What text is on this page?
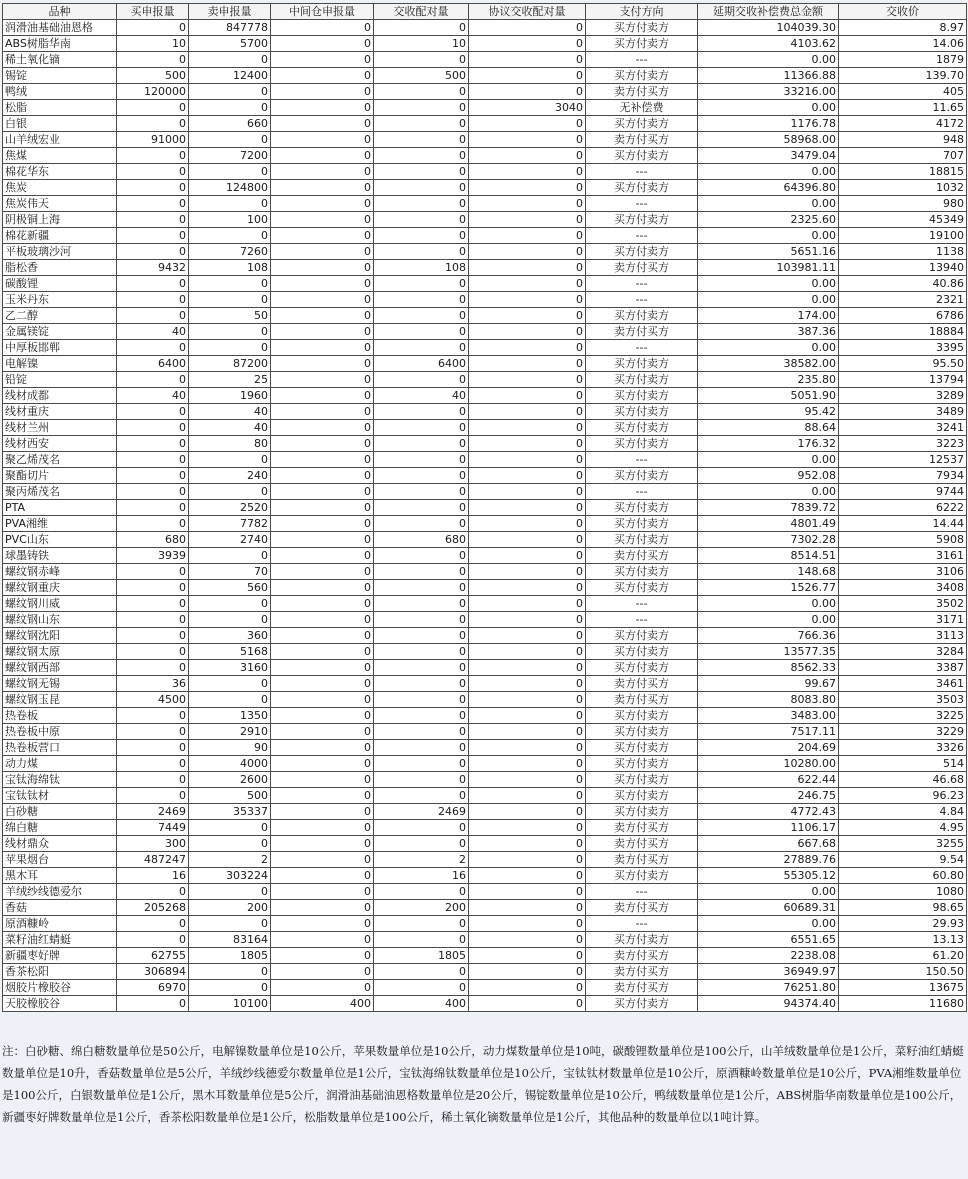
品种	买申报量	卖申报量	中间仓申报量	交收配对量	协议交收配对量	支付方向	延期交收补偿费总金额	交收价
润滑油基础油恩格	0	847778	0	0	0	买方付卖方	104039.30	8.97
ABS树脂华南	10	5700	0	10	0	买方付卖方	4103.62	14.06
稀土氧化镝	0	0	0	0	0	---	0.00	1879
锡锭	500	12400	0	500	0	买方付卖方	11366.88	139.70
鸭绒	120000	0	0	0	0	卖方付买方	33216.00	405
松脂	0	0	0	0	3040	无补偿费	0.00	11.65
白银	0	660	0	0	0	买方付卖方	1176.78	4172
山羊绒宏业	91000	0	0	0	0	卖方付买方	58968.00	948
焦煤	0	7200	0	0	0	买方付卖方	3479.04	707
棉花华东	0	0	0	0	0	---	0.00	18815
焦炭	0	124800	0	0	0	买方付卖方	64396.80	1032
焦炭伟天	0	0	0	0	0	---	0.00	980
阴极铜上海	0	100	0	0	0	买方付卖方	2325.60	45349
棉花新疆	0	0	0	0	0	---	0.00	19100
平板玻璃沙河	0	7260	0	0	0	买方付卖方	5651.16	1138
脂松香	9432	108	0	108	0	卖方付买方	103981.11	13940
碳酸锂	0	0	0	0	0	---	0.00	40.86
玉米丹东	0	0	0	0	0	---	0.00	2321
乙二醇	0	50	0	0	0	买方付卖方	174.00	6786
金属镁锭	40	0	0	0	0	卖方付买方	387.36	18884
中厚板邯郸	0	0	0	0	0	---	0.00	3395
电解镍	6400	87200	0	6400	0	买方付卖方	38582.00	95.50
铅锭	0	25	0	0	0	买方付卖方	235.80	13794
线材成都	40	1960	0	40	0	买方付卖方	5051.90	3289
线材重庆	0	40	0	0	0	买方付卖方	95.42	3489
线材兰州	0	40	0	0	0	买方付卖方	88.64	3241
线材西安	0	80	0	0	0	买方付卖方	176.32	3223
聚乙烯茂名	0	0	0	0	0	---	0.00	12537
聚酯切片	0	240	0	0	0	买方付卖方	952.08	7934
聚丙烯茂名	0	0	0	0	0	---	0.00	9744
PTA	0	2520	0	0	0	买方付卖方	7839.72	6222
PVA湘维	0	7782	0	0	0	买方付卖方	4801.49	14.44
PVC山东	680	2740	0	680	0	买方付卖方	7302.28	5908
球墨铸铁	3939	0	0	0	0	卖方付买方	8514.51	3161
螺纹钢赤峰	0	70	0	0	0	买方付卖方	148.68	3106
螺纹钢重庆	0	560	0	0	0	买方付卖方	1526.77	3408
螺纹钢川威	0	0	0	0	0	---	0.00	3502
螺纹钢山东	0	0	0	0	0	---	0.00	3171
螺纹钢沈阳	0	360	0	0	0	买方付卖方	766.36	3113
螺纹钢太原	0	5168	0	0	0	买方付卖方	13577.35	3284
螺纹钢西部	0	3160	0	0	0	买方付卖方	8562.33	3387
螺纹钢无锡	36	0	0	0	0	卖方付买方	99.67	3461
螺纹钢玉昆	4500	0	0	0	0	卖方付买方	8083.80	3503
热卷板	0	1350	0	0	0	买方付卖方	3483.00	3225
热卷板中原	0	2910	0	0	0	买方付卖方	7517.11	3229
热卷板营口	0	90	0	0	0	买方付卖方	204.69	3326
动力煤	0	4000	0	0	0	买方付卖方	10280.00	514
宝钛海绵钛	0	2600	0	0	0	买方付卖方	622.44	46.68
宝钛钛材	0	500	0	0	0	买方付卖方	246.75	96.23
白砂糖	2469	35337	0	2469	0	买方付卖方	4772.43	4.84
绵白糖	7449	0	0	0	0	卖方付买方	1106.17	4.95
线材鼎众	300	0	0	0	0	卖方付买方	667.68	3255
苹果烟台	487247	2	0	2	0	卖方付买方	27889.76	9.54
黑木耳	16	303224	0	16	0	买方付卖方	55305.12	60.80
羊绒纱线德爱尔	0	0	0	0	0	---	0.00	1080
香菇	205268	200	0	200	0	卖方付买方	60689.31	98.65
原酒糠岭	0	0	0	0	0	---	0.00	29.93
菜籽油红蜻蜓	0	83164	0	0	0	买方付卖方	6551.65	13.13
新疆枣好牌	62755	1805	0	1805	0	卖方付买方	2238.08	61.20
香茶松阳	306894	0	0	0	0	卖方付买方	36949.97	150.50
烟胶片橡胶谷	6970	0	0	0	0	卖方付买方	76251.80	13675
天胶橡胶谷	0	10100	400	400	0	买方付卖方	94374.40	11680

注：白砂糖、绵白糖数量单位是50公斤，电解镍数量单位是10公斤，苹果数量单位是10公斤，动力煤数量单位是10吨，碳酸锂数量单位是100公斤，山羊绒数量单位是1公斤，菜籽油红蜻蜓数量单位是10升，香菇数量单位是5公斤，羊绒纱线德爱尔数量单位是1公斤，宝钛海绵钛数量单位是10公斤，宝钛钛材数量单位是10公斤，原酒糠岭数量单位是10公斤，PVA湘维数量单位是100公斤，白银数量单位是1公斤，黑木耳数量单位是5公斤，润滑油基础油恩格数量单位是20公斤，锡锭数量单位是10公斤，鸭绒数量单位是1公斤，ABS树脂华南数量单位是100公斤，新疆枣好牌数量单位是1公斤，香茶松阳数量单位是1公斤，松脂数量单位是100公斤，稀土氧化镝数量单位是1公斤，其他品种的数量单位以1吨计算。
